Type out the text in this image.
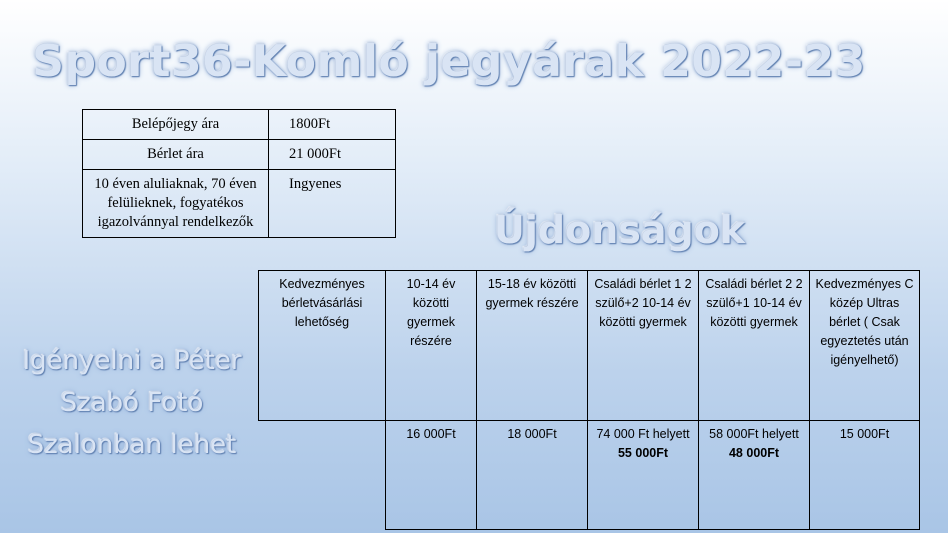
Sport36-Komló jegyárak 2022-23
Belépőjegy ára	1800Ft
Bérlet ára	21 000Ft
10 éven aluliaknak, 70 éven felülieknek, fogyatékos igazolvánnyal rendelkezők	Ingyenes
Újdonságok
Igényelni a Péter Szabó Fotó Szalonban lehet
Kedvezményes bérletvásárlási lehetőség	10-14 év közötti gyermek részére	15-18 év közötti gyermek részére	Családi bérlet 1 2 szülő+2 10-14 év közötti gyermek	Családi bérlet 2 2 szülő+1 10-14 év közötti gyermek	Kedvezményes C közép Ultras bérlet ( Csak egyeztetés után igényelhető)
	16 000Ft	18 000Ft	74 000 Ft helyett 55 000Ft	58 000Ft helyett 48 000Ft	15 000Ft
